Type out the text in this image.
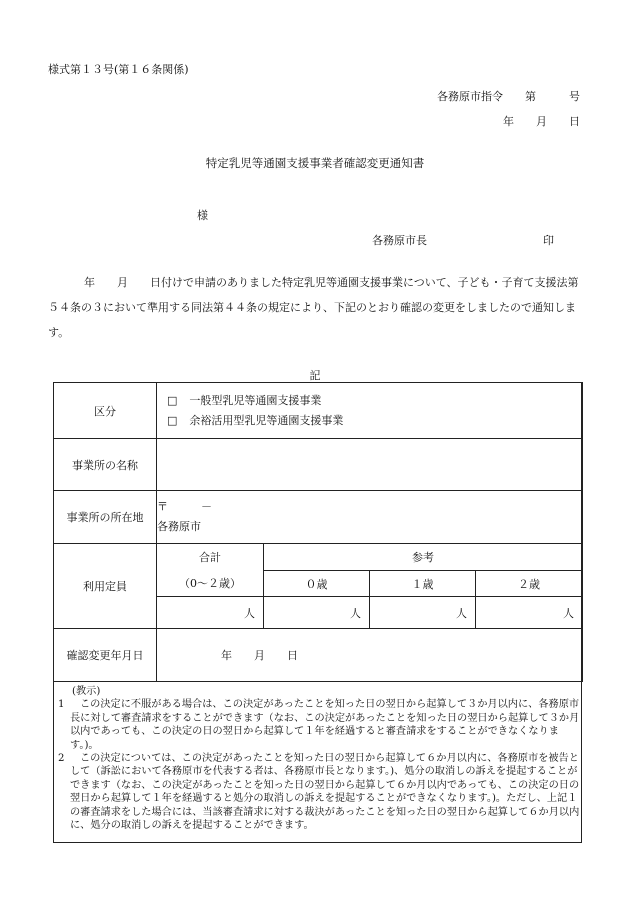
様式第１３号(第１６条関係)
各務原市指令　　第　　　号
年　　月　　日
特定乳児等通園支援事業者確認変更通知書
様
各務原市長	印
年　　月　　日付けで申請のありました特定乳児等通園支援事業について、子ども・子育て支援法第５４条の３において準用する同法第４４条の規定により、下記のとおり確認の変更をしましたので通知します。
記
区分	□ 一般型乳児等通園支援事業
□ 余裕活用型乳児等通園支援事業			

事業所の名称				
事業所の所在地	〒　　　－
各務原市			

利用定員	合計	参考		
	（0～２歳）	０歳	１歳	２歳
	人	人	人	人
確認変更年月日	年　　月　　日			
(教示)
1	この決定に不服がある場合は、この決定があったことを知った日の翌日から起算して３か月以内に、各務原市長に対して審査請求をすることができます（なお、この決定があったことを知った日の翌日から起算して３か月以内であっても、この決定の日の翌日から起算して１年を経過すると審査請求をすることができなくなります。)。
2	この決定については、この決定があったことを知った日の翌日から起算して６か月以内に、各務原市を被告として（訴訟において各務原市を代表する者は、各務原市長となります。)、処分の取消しの訴えを提起することができます（なお、この決定があったことを知った日の翌日から起算して６か月以内であっても、この決定の日の翌日から起算して１年を経過すると処分の取消しの訴えを提起することができなくなります。)。ただし、上記１の審査請求をした場合には、当該審査請求に対する裁決があったことを知った日の翌日から起算して６か月以内に、処分の取消しの訴えを提起することができます。
